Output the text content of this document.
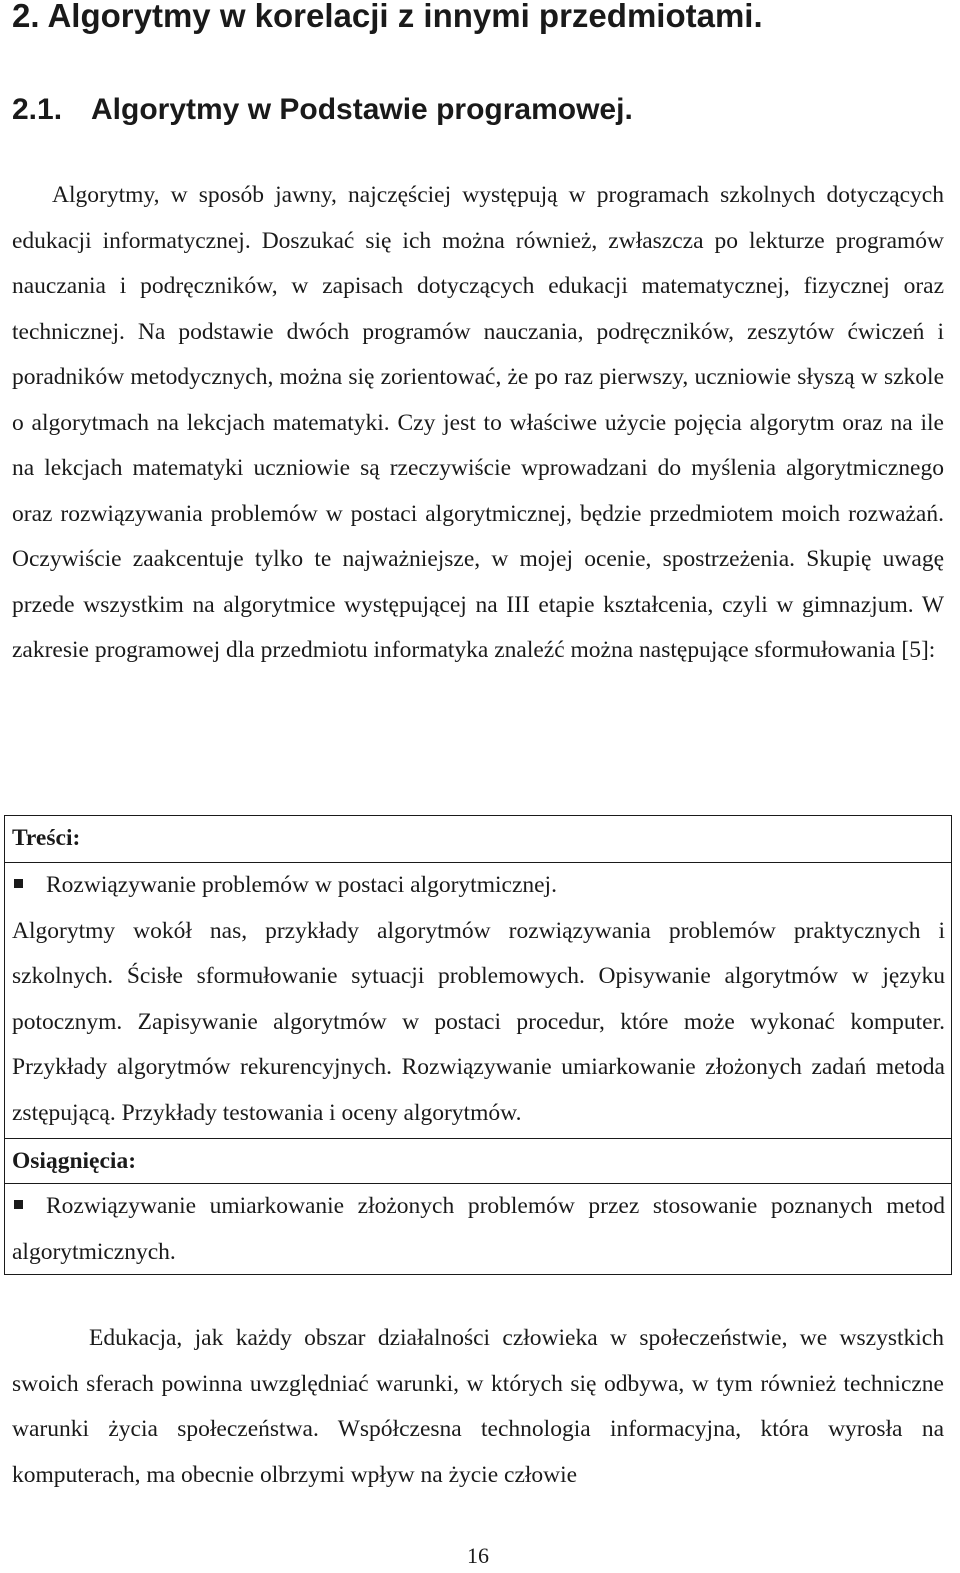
2. Algorytmy w korelacji z innymi przedmiotami.
2.1. Algorytmy w Podstawie programowej.

Algorytmy, w sposób jawny, najczęściej występują w programach szkolnych dotyczących edukacji informatycznej. Doszukać się ich można również, zwłaszcza po lekturze programów nauczania i podręczników, w zapisach dotyczących edukacji matematycznej, fizycznej oraz technicznej. Na podstawie dwóch programów nauczania, podręczników, zeszytów ćwiczeń i poradników metodycznych, można się zorientować, że po raz pierwszy, uczniowie słyszą w szkole o algorytmach na lekcjach matematyki. Czy jest to właściwe użycie pojęcia algorytm oraz na ile na lekcjach matematyki uczniowie są rzeczywiście wprowadzani do myślenia algorytmicznego oraz rozwiązywania problemów w postaci algorytmicznej, będzie przedmiotem moich rozważań. Oczywiście zaakcentuje tylko te najważniejsze, w mojej ocenie, spostrzeżenia. Skupię uwagę przede wszystkim na algorytmice występującej na III etapie kształcenia, czyli w gimnazjum. W zakresie programowej dla przedmiotu informatyka znaleźć można następujące sformułowania [5]:

Treści:
Rozwiązywanie problemów w postaci algorytmicznej.
Algorytmy wokół nas, przykłady algorytmów rozwiązywania problemów praktycznych i szkolnych. Ścisłe sformułowanie sytuacji problemowych. Opisywanie algorytmów w języku potocznym. Zapisywanie algorytmów w postaci procedur, które może wykonać komputer. Przykłady algorytmów rekurencyjnych. Rozwiązywanie umiarkowanie złożonych zadań metoda zstępującą. Przykłady testowania i oceny algorytmów.
Osiągnięcia:
Rozwiązywanie umiarkowanie złożonych problemów przez stosowanie poznanych metod algorytmicznych.

Edukacja, jak każdy obszar działalności człowieka w społeczeństwie, we wszystkich swoich sferach powinna uwzględniać warunki, w których się odbywa, w tym również techniczne warunki życia społeczeństwa. Współczesna technologia informacyjna, która wyrosła na komputerach, ma obecnie olbrzymi wpływ na życie człowie

16
